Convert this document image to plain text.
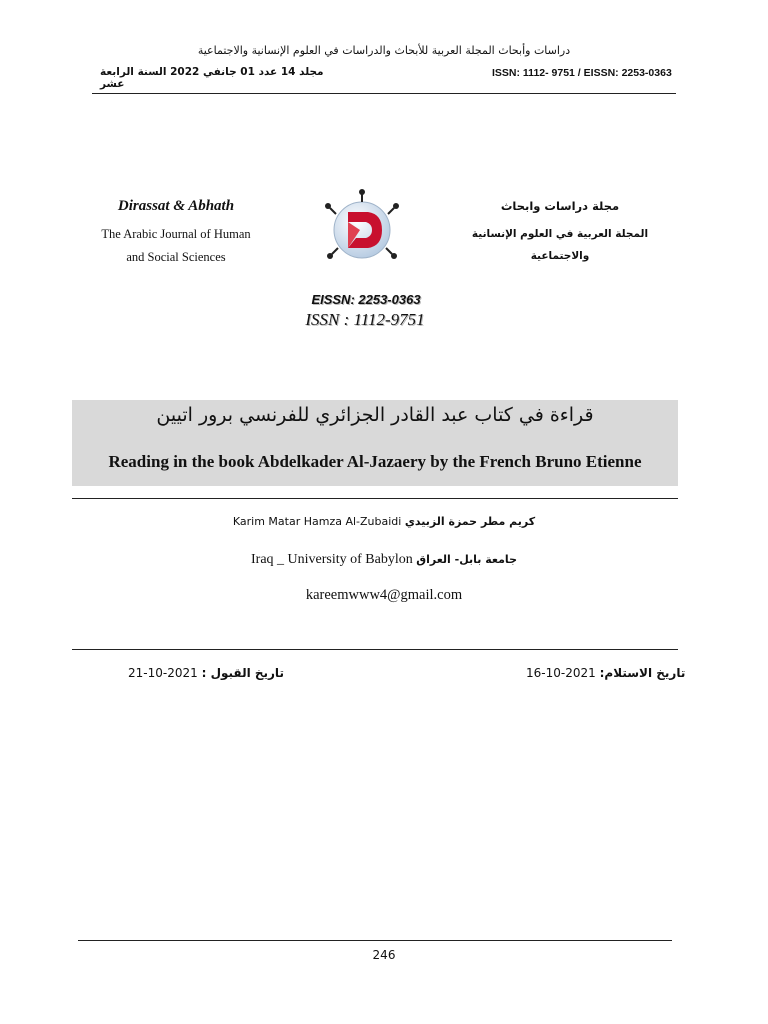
دراسات وأبحاث المجلة العربية للأبحاث والدراسات في العلوم الإنسانية والاجتماعية
ISSN: 1112- 9751 / EISSN: 2253-0363
مجلد 14 عدد 01 جانفي 2022 السنة الرابعة عشر
Dirassat & Abhath
The Arabic Journal of Human
and Social Sciences
مجلة دراسات وابحاث
المجلة العربية في العلوم الإنسانية
والاجتماعية
EISSN: 2253-0363
ISSN : 1112-9751
قراءة في كتاب عبد القادر الجزائري للفرنسي برور اتيين
Reading in the book Abdelkader Al-Jazaery by the French Bruno Etienne
Karim Matar Hamza Al-Zubaidi كريم مطر حمزة الزبيدي
Iraq _ University of Babylon جامعة بابل- العراق
kareemwww4@gmail.com
تاريخ الاستلام: 2021-10-16
تاريخ القبول : 2021-10-21
246
